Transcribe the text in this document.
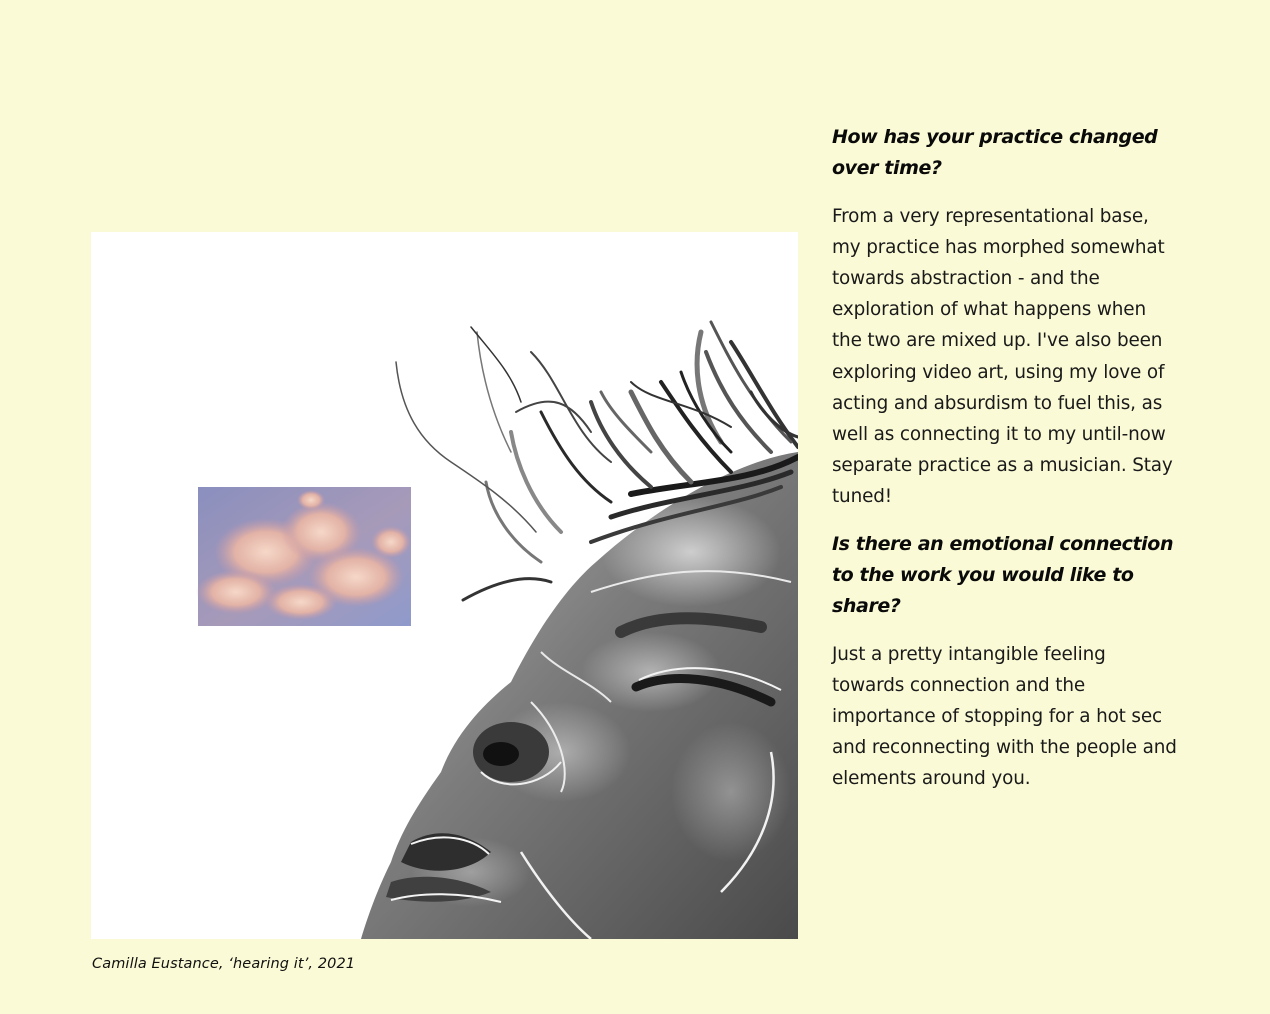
Camilla Eustance, ‘hearing it’, 2021

How has your practice changed over time?

From a very representational base, my practice has morphed somewhat towards abstraction - and the exploration of what happens when the two are mixed up. I've also been exploring video art, using my love of acting and absurdism to fuel this, as well as connecting it to my until-now separate practice as a musician. Stay tuned!

Is there an emotional connection to the work you would like to share?

Just a pretty intangible feeling towards connection and the importance of stopping for a hot sec and reconnecting with the people and elements around you.
